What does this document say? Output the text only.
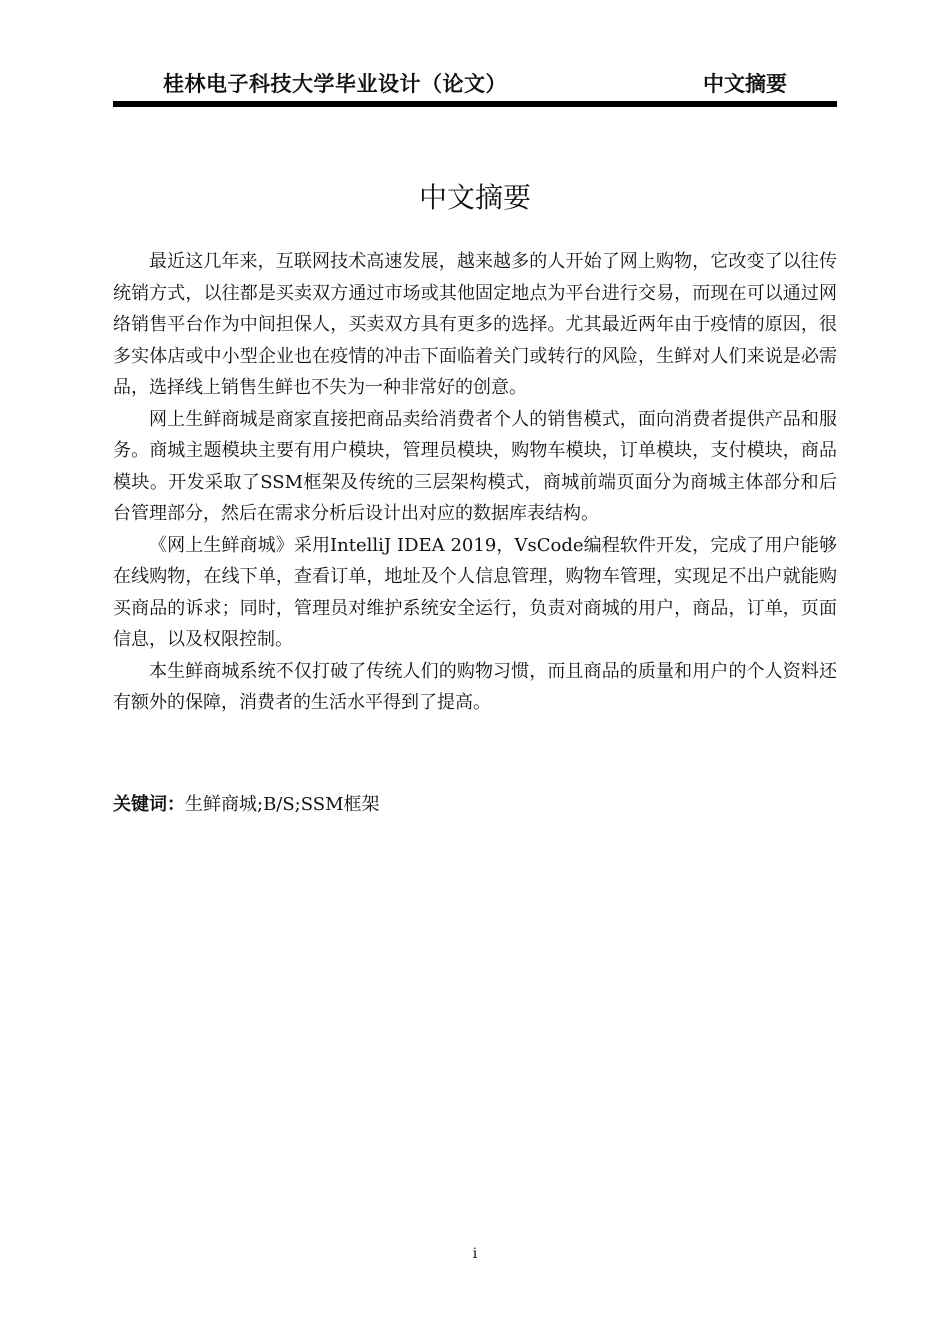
桂林电子科技大学毕业设计（论文）	中文摘要
中文摘要

最近这几年来，互联网技术高速发展，越来越多的人开始了网上购物，它改变了以往传统销方式，以往都是买卖双方通过市场或其他固定地点为平台进行交易，而现在可以通过网络销售平台作为中间担保人，买卖双方具有更多的选择。尤其最近两年由于疫情的原因，很多实体店或中小型企业也在疫情的冲击下面临着关门或转行的风险，生鲜对人们来说是必需品，选择线上销售生鲜也不失为一种非常好的创意。

网上生鲜商城是商家直接把商品卖给消费者个人的销售模式，面向消费者提供产品和服务。商城主题模块主要有用户模块，管理员模块，购物车模块，订单模块，支付模块，商品模块。开发采取了SSM框架及传统的三层架构模式，商城前端页面分为商城主体部分和后台管理部分，然后在需求分析后设计出对应的数据库表结构。

《网上生鲜商城》采用IntelliJ IDEA 2019，VsCode编程软件开发，完成了用户能够在线购物，在线下单，查看订单，地址及个人信息管理，购物车管理，实现足不出户就能购买商品的诉求；同时，管理员对维护系统安全运行，负责对商城的用户，商品，订单，页面信息，以及权限控制。

本生鲜商城系统不仅打破了传统人们的购物习惯，而且商品的质量和用户的个人资料还有额外的保障，消费者的生活水平得到了提高。

关键词：生鲜商城;B/S;SSM框架
i
